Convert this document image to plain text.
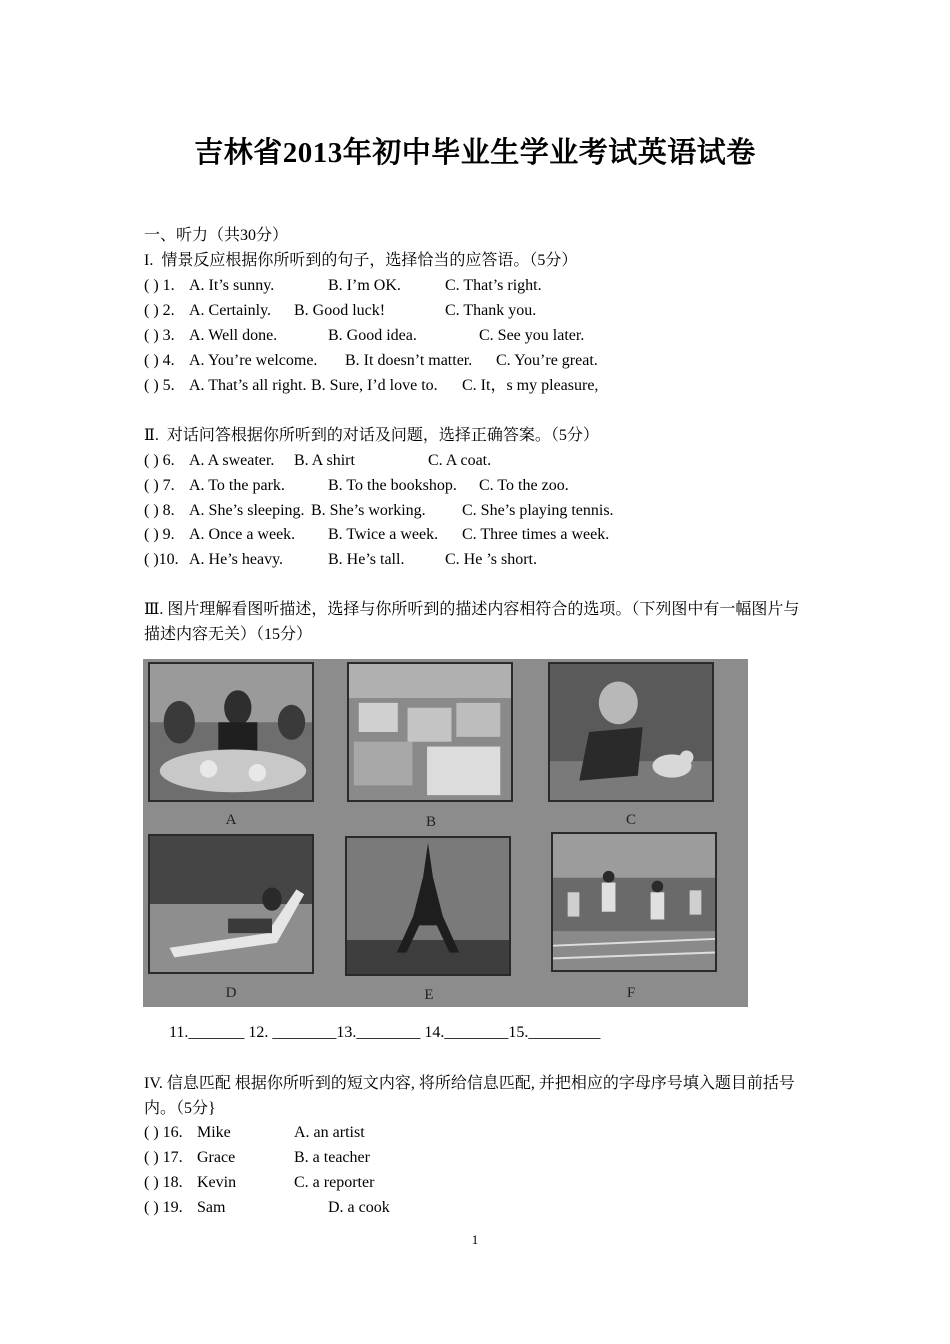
吉林省2013年初中毕业生学业考试英语试卷
一、听力（共30分）
I.  情景反应根据你所听到的句子，选择恰当的应答语。（5分）
( ) 1. A. It’s sunny.	B. I’m OK.	C. That’s right.
( ) 2. A. Certainly. B. Good luck!	C. Thank you.
( ) 3. A. Well done.	B. Good idea.	C. See you later.
( ) 4. A. You’re welcome. B. It doesn’t matter. C. You’re great.
( ) 5. A. That’s all right. B. Sure, I’d love to. C. It，s my pleasure,
Ⅱ.  对话问答根据你所听到的对话及问题，选择正确答案。（5分）
( ) 6. A. A sweater. B. A shirt	C. A coat.
( ) 7. A. To the park.	B. To the bookshop. C. To the zoo.
( ) 8. A. She’s sleeping. B. She’s working. C. She’s playing tennis.
( ) 9. A. Once a week. B. Twice a week. C. Three times a week.
( )10. A. He’s heavy.	B. He’s tall.	C. He ’s short.
Ⅲ. 图片理解看图听描述，选择与你所听到的描述内容相符合的选项。（下列图中有一幅图片与描述内容无关）（15分）
A	B	C
D	E	F
11._______ 12. ________13.________ 14.________15._________
IV. 信息匹配 根据你所听到的短文内容, 将所给信息匹配, 并把相应的字母序号填入题目前括号内。（5分}
( ) 16. Mike	A. an artist
( ) 17. Grace	B. a teacher
( ) 18. Kevin	C. a reporter
( ) 19. Sam	D. a cook
1
